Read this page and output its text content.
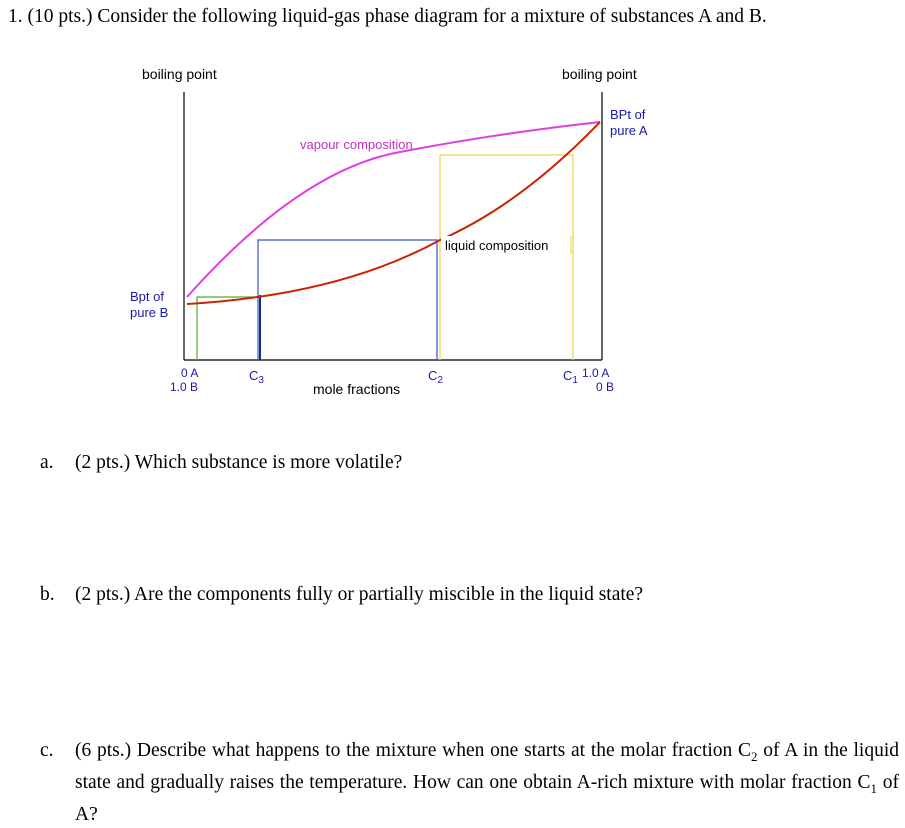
1. (10 pts.) Consider the following liquid-gas phase diagram for a mixture of substances A and B.
boiling point	boiling point
BPt of
pure A
Bpt of
pure B
vapour composition
liquid composition
mole fractions
0 A
1.0 B
1.0 A
0 B
$C_3$	$C_2$	$C_1$
a. (2 pts.) Which substance is more volatile?
b. (2 pts.) Are the components fully or partially miscible in the liquid state?
c. (6 pts.) Describe what happens to the mixture when one starts at the molar fraction $C_2$ of A in the liquid state and gradually raises the temperature. How can one obtain A-rich mixture with molar fraction $C_1$ of A?
